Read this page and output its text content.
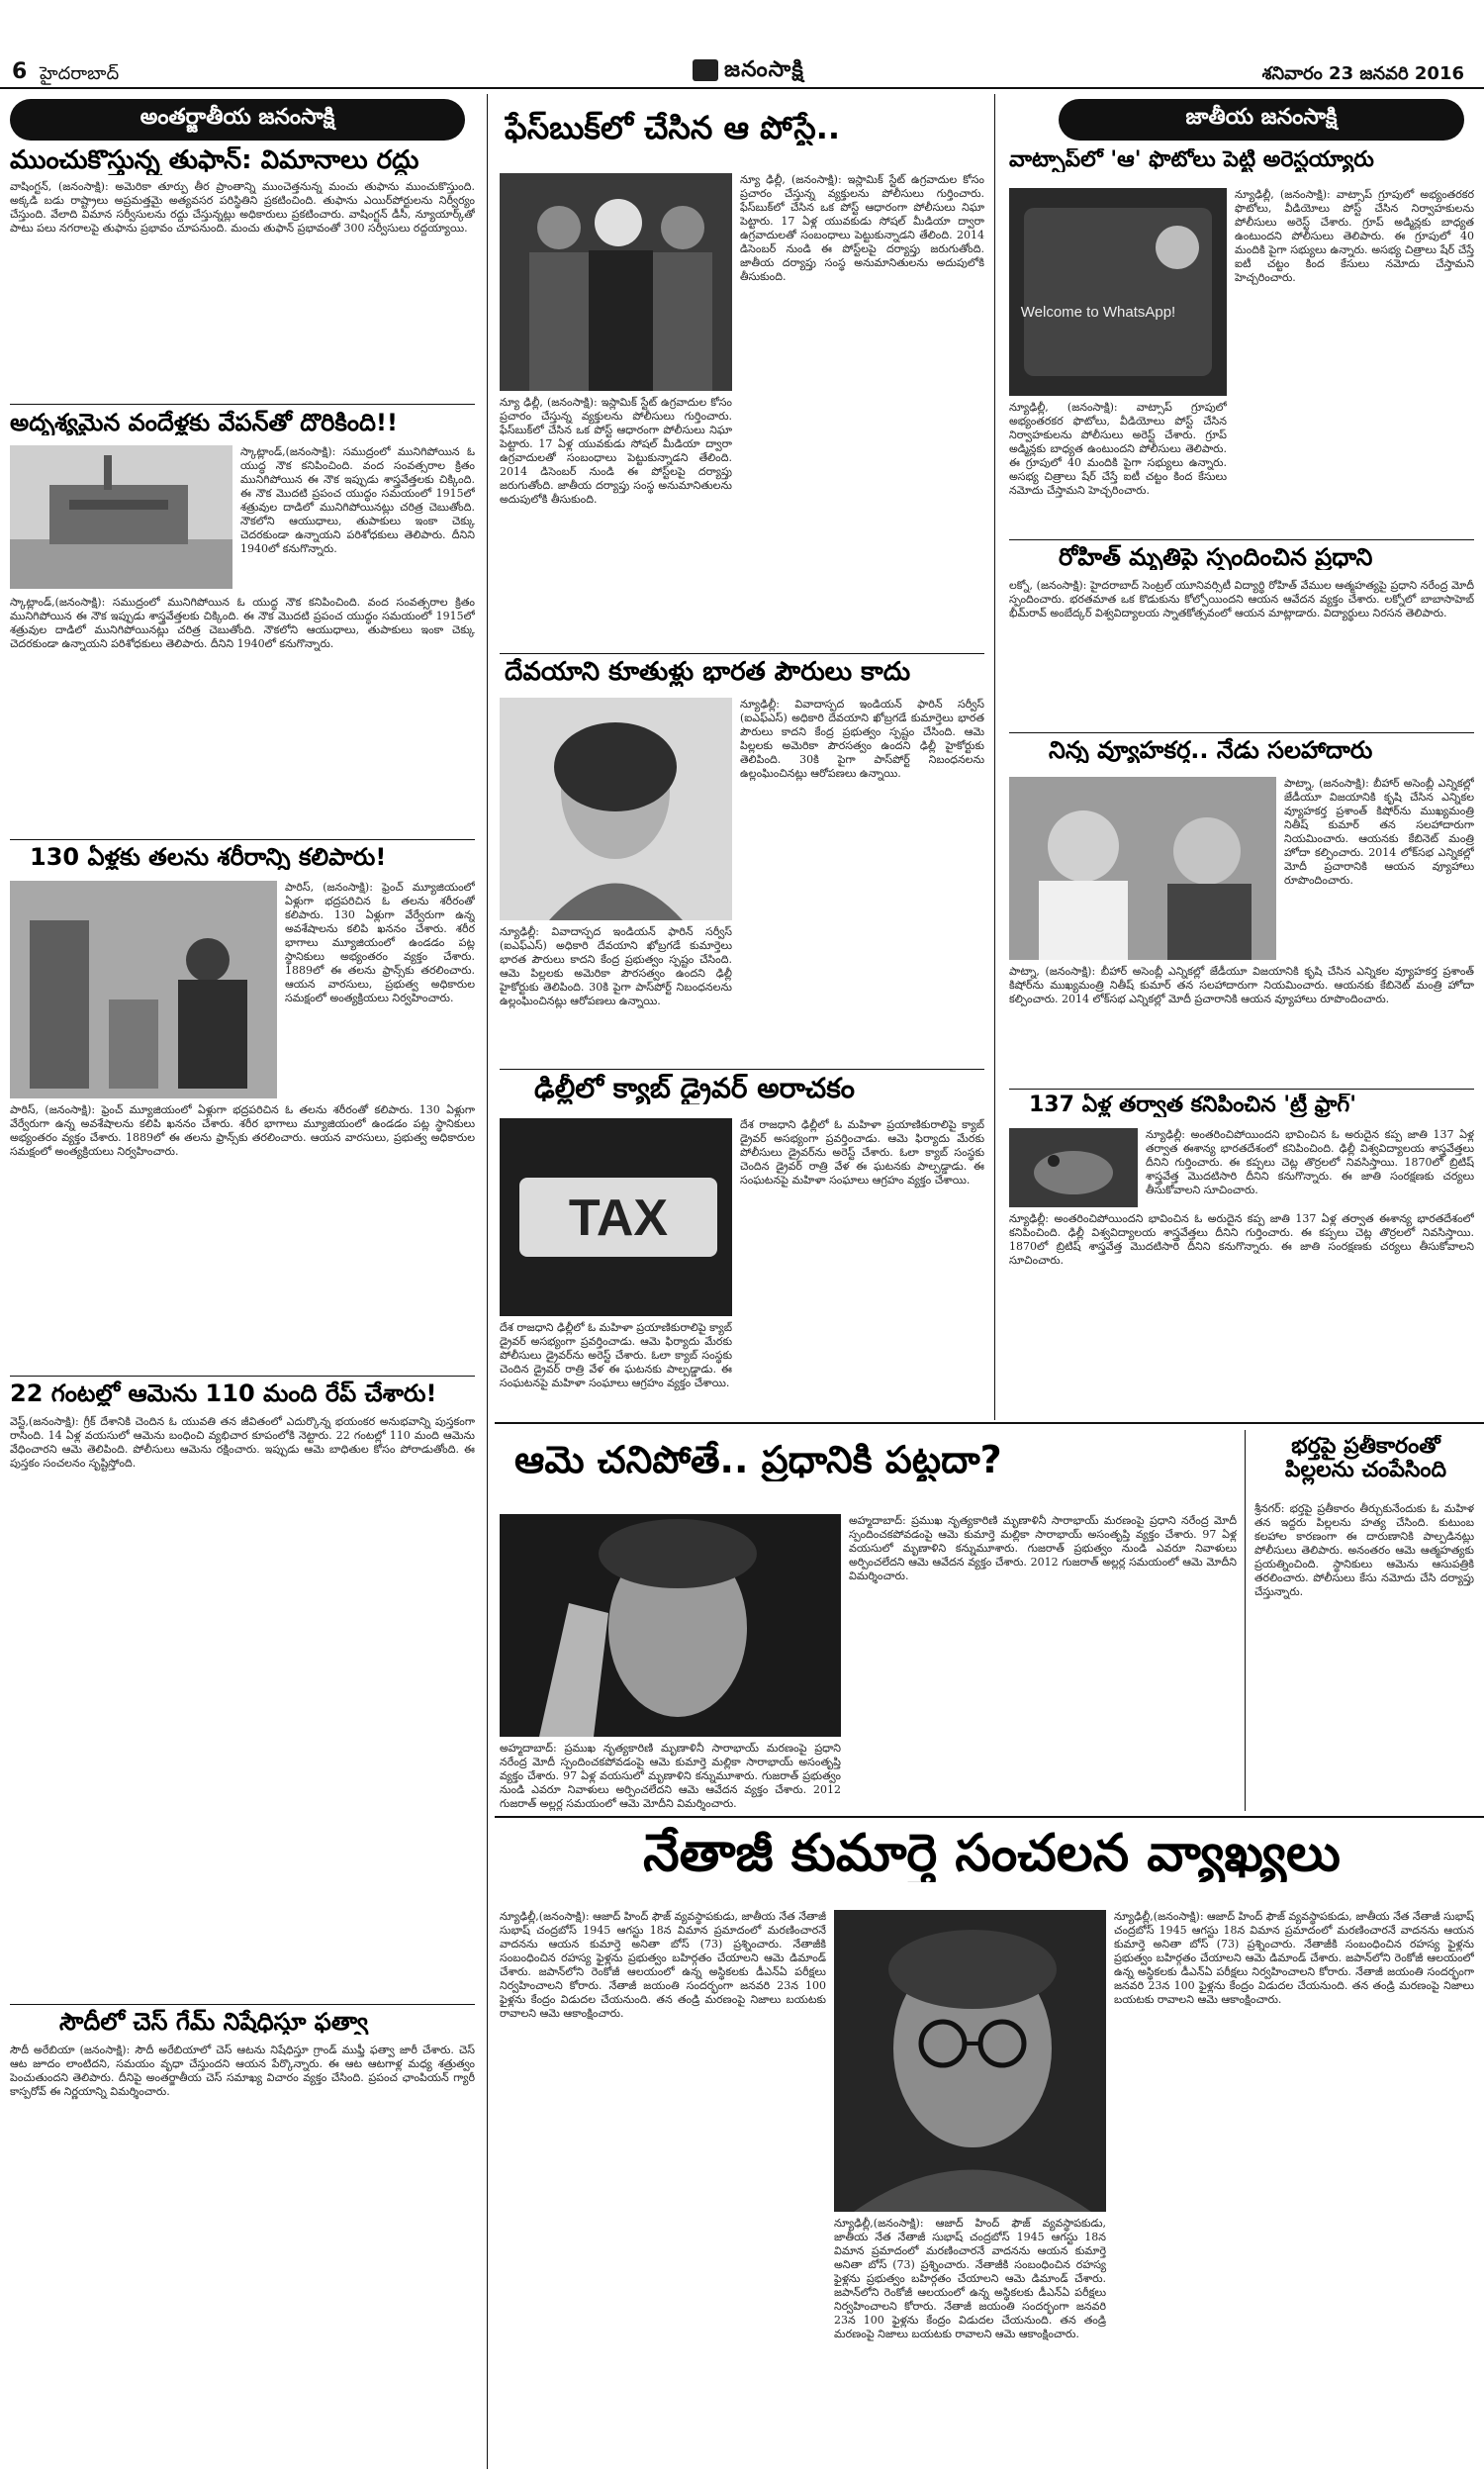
6 హైదరాబాద్	జనంసాక్షి	శనివారం 23 జనవరి 2016
అంతర్జాతీయ జనంసాక్షి
ముంచుకొస్తున్న తుఫాన్: విమానాలు రద్దు
వాషింగ్టన్, (జనంసాక్షి): అమెరికా తూర్పు తీర ప్రాంతాన్ని ముంచెత్తనున్న మంచు తుఫాను ముంచుకొస్తుంది. అక్కడి బడు రాష్ట్రాలు అప్రమత్తమై అత్యవసర పరిస్థితిని ప్రకటించింది. తుఫాను ఎయిర్‌పోర్టులను నిర్వీర్యం చేస్తుంది. వేలాది విమాన సర్వీసులను రద్దు చేస్తున్నట్లు అధికారులు ప్రకటించారు. వాషింగ్టన్ డీసీ, న్యూయార్క్‌తో పాటు పలు నగరాలపై తుఫాను ప్రభావం చూపనుంది. మంచు తుఫాన్ ప్రభావంతో 300 సర్వీసులు రద్దయ్యాయి.
అదృశ్యమైన వందేళ్లకు వేపన్‌తో దొరికింది!!
స్కాట్లాండ్,(జనంసాక్షి): సముద్రంలో మునిగిపోయిన ఓ యుద్ధ నౌక కనిపించింది. వంద సంవత్సరాల క్రితం మునిగిపోయిన ఈ నౌక ఇప్పుడు శాస్త్రవేత్తలకు చిక్కింది. ఈ నౌక మొదటి ప్రపంచ యుద్ధం సమయంలో 1915లో శత్రువుల దాడిలో మునిగిపోయినట్లు చరిత్ర చెబుతోంది. నౌకలోని ఆయుధాలు, తుపాకులు ఇంకా చెక్కు చెదరకుండా ఉన్నాయని పరిశోధకులు తెలిపారు. దీనిని 1940లో కనుగొన్నారు.
స్కాట్లాండ్,(జనంసాక్షి): సముద్రంలో మునిగిపోయిన ఓ యుద్ధ నౌక కనిపించింది. వంద సంవత్సరాల క్రితం మునిగిపోయిన ఈ నౌక ఇప్పుడు శాస్త్రవేత్తలకు చిక్కింది. ఈ నౌక మొదటి ప్రపంచ యుద్ధం సమయంలో 1915లో శత్రువుల దాడిలో మునిగిపోయినట్లు చరిత్ర చెబుతోంది. నౌకలోని ఆయుధాలు, తుపాకులు ఇంకా చెక్కు చెదరకుండా ఉన్నాయని పరిశోధకులు తెలిపారు. దీనిని 1940లో కనుగొన్నారు.
130 ఏళ్లకు తలను శరీరాన్ని కలిపారు!
పారిస్, (జనంసాక్షి): ఫ్రెంచ్ మ్యూజియంలో ఏళ్లుగా భద్రపరిచిన ఓ తలను శరీరంతో కలిపారు. 130 ఏళ్లుగా వేర్వేరుగా ఉన్న అవశేషాలను కలిపి ఖననం చేశారు. శరీర భాగాలు మ్యూజియంలో ఉండడం పట్ల స్థానికులు అభ్యంతరం వ్యక్తం చేశారు. 1889లో ఈ తలను ఫ్రాన్స్‌కు తరలించారు. ఆయన వారసులు, ప్రభుత్వ అధికారుల సమక్షంలో అంత్యక్రియలు నిర్వహించారు.
పారిస్, (జనంసాక్షి): ఫ్రెంచ్ మ్యూజియంలో ఏళ్లుగా భద్రపరిచిన ఓ తలను శరీరంతో కలిపారు. 130 ఏళ్లుగా వేర్వేరుగా ఉన్న అవశేషాలను కలిపి ఖననం చేశారు. శరీర భాగాలు మ్యూజియంలో ఉండడం పట్ల స్థానికులు అభ్యంతరం వ్యక్తం చేశారు. 1889లో ఈ తలను ఫ్రాన్స్‌కు తరలించారు. ఆయన వారసులు, ప్రభుత్వ అధికారుల సమక్షంలో అంత్యక్రియలు నిర్వహించారు.
22 గంటల్లో ఆమెను 110 మంది రేప్ చేశారు!
వెస్ట్,(జనంసాక్షి): గ్రీక్ దేశానికి చెందిన ఓ యువతి తన జీవితంలో ఎదుర్కొన్న భయంకర అనుభవాన్ని పుస్తకంగా రాసింది. 14 ఏళ్ల వయసులో ఆమెను బంధించి వ్యభిచార కూపంలోకి నెట్టారు. 22 గంటల్లో 110 మంది ఆమెను వేధించారని ఆమె తెలిపింది. పోలీసులు ఆమెను రక్షించారు. ఇప్పుడు ఆమె బాధితుల కోసం పోరాడుతోంది. ఈ పుస్తకం సంచలనం సృష్టిస్తోంది.
సౌదీలో చెస్ గేమ్ నిషేధిస్తూ ఫత్వా
సౌదీ అరేబియా (జనంసాక్షి): సౌదీ అరేబియాలో చెస్ ఆటను నిషేధిస్తూ గ్రాండ్ ముఫ్తీ ఫత్వా జారీ చేశారు. చెస్ ఆట జూదం లాంటిదని, సమయం వృధా చేస్తుందని ఆయన పేర్కొన్నారు. ఈ ఆట ఆటగాళ్ల మధ్య శత్రుత్వం పెంచుతుందని తెలిపారు. దీనిపై అంతర్జాతీయ చెస్ సమాఖ్య విచారం వ్యక్తం చేసింది. ప్రపంచ ఛాంపియన్ గ్యారీ కాస్పరోవ్ ఈ నిర్ణయాన్ని విమర్శించారు.
ఫేస్‌బుక్‌లో చేసిన ఆ పోస్టే..
న్యూ ఢిల్లీ, (జనంసాక్షి): ఇస్లామిక్ స్టేట్ ఉగ్రవాదుల కోసం ప్రచారం చేస్తున్న వ్యక్తులను పోలీసులు గుర్తించారు. ఫేస్‌బుక్‌లో చేసిన ఒక పోస్ట్ ఆధారంగా పోలీసులు నిఘా పెట్టారు. 17 ఏళ్ల యువకుడు సోషల్ మీడియా ద్వారా ఉగ్రవాదులతో సంబంధాలు పెట్టుకున్నాడని తేలింది. 2014 డిసెంబర్ నుండి ఈ పోస్ట్‌లపై దర్యాప్తు జరుగుతోంది. జాతీయ దర్యాప్తు సంస్థ అనుమానితులను అదుపులోకి తీసుకుంది.
న్యూ ఢిల్లీ, (జనంసాక్షి): ఇస్లామిక్ స్టేట్ ఉగ్రవాదుల కోసం ప్రచారం చేస్తున్న వ్యక్తులను పోలీసులు గుర్తించారు. ఫేస్‌బుక్‌లో చేసిన ఒక పోస్ట్ ఆధారంగా పోలీసులు నిఘా పెట్టారు. 17 ఏళ్ల యువకుడు సోషల్ మీడియా ద్వారా ఉగ్రవాదులతో సంబంధాలు పెట్టుకున్నాడని తేలింది. 2014 డిసెంబర్ నుండి ఈ పోస్ట్‌లపై దర్యాప్తు జరుగుతోంది. జాతీయ దర్యాప్తు సంస్థ అనుమానితులను అదుపులోకి తీసుకుంది.
దేవయాని కూతుళ్లు భారత పౌరులు కాదు
న్యూఢిల్లీ: వివాదాస్పద ఇండియన్ ఫారిన్ సర్వీస్ (ఐఎఫ్ఎస్) అధికారి దేవయాని ఖోబ్రగడే కుమార్తెలు భారత పౌరులు కాదని కేంద్ర ప్రభుత్వం స్పష్టం చేసింది. ఆమె పిల్లలకు అమెరికా పౌరసత్వం ఉందని ఢిల్లీ హైకోర్టుకు తెలిపింది. 30కి పైగా పాస్‌పోర్ట్ నిబంధనలను ఉల్లంఘించినట్లు ఆరోపణలు ఉన్నాయి.
న్యూఢిల్లీ: వివాదాస్పద ఇండియన్ ఫారిన్ సర్వీస్ (ఐఎఫ్ఎస్) అధికారి దేవయాని ఖోబ్రగడే కుమార్తెలు భారత పౌరులు కాదని కేంద్ర ప్రభుత్వం స్పష్టం చేసింది. ఆమె పిల్లలకు అమెరికా పౌరసత్వం ఉందని ఢిల్లీ హైకోర్టుకు తెలిపింది. 30కి పైగా పాస్‌పోర్ట్ నిబంధనలను ఉల్లంఘించినట్లు ఆరోపణలు ఉన్నాయి.
ఢిల్లీలో క్యాబ్ డ్రైవర్ అరాచకం
TAX
దేశ రాజధాని ఢిల్లీలో ఓ మహిళా ప్రయాణికురాలిపై క్యాబ్ డ్రైవర్ అసభ్యంగా ప్రవర్తించాడు. ఆమె ఫిర్యాదు మేరకు పోలీసులు డ్రైవర్‌ను అరెస్ట్ చేశారు. ఓలా క్యాబ్ సంస్థకు చెందిన డ్రైవర్ రాత్రి వేళ ఈ ఘటనకు పాల్పడ్డాడు. ఈ సంఘటనపై మహిళా సంఘాలు ఆగ్రహం వ్యక్తం చేశాయి.
దేశ రాజధాని ఢిల్లీలో ఓ మహిళా ప్రయాణికురాలిపై క్యాబ్ డ్రైవర్ అసభ్యంగా ప్రవర్తించాడు. ఆమె ఫిర్యాదు మేరకు పోలీసులు డ్రైవర్‌ను అరెస్ట్ చేశారు. ఓలా క్యాబ్ సంస్థకు చెందిన డ్రైవర్ రాత్రి వేళ ఈ ఘటనకు పాల్పడ్డాడు. ఈ సంఘటనపై మహిళా సంఘాలు ఆగ్రహం వ్యక్తం చేశాయి.
జాతీయ జనంసాక్షి
వాట్సాప్‌లో 'ఆ' ఫొటోలు పెట్టి అరెస్టయ్యారు
Welcome to WhatsApp!
న్యూఢిల్లీ, (జనంసాక్షి): వాట్సాప్ గ్రూపులో అభ్యంతరకర ఫొటోలు, వీడియోలు పోస్ట్ చేసిన నిర్వాహకులను పోలీసులు అరెస్ట్ చేశారు. గ్రూప్ అడ్మిన్లకు బాధ్యత ఉంటుందని పోలీసులు తెలిపారు. ఈ గ్రూపులో 40 మందికి పైగా సభ్యులు ఉన్నారు. అసభ్య చిత్రాలు షేర్ చేస్తే ఐటీ చట్టం కింద కేసులు నమోదు చేస్తామని హెచ్చరించారు.
న్యూఢిల్లీ, (జనంసాక్షి): వాట్సాప్ గ్రూపులో అభ్యంతరకర ఫొటోలు, వీడియోలు పోస్ట్ చేసిన నిర్వాహకులను పోలీసులు అరెస్ట్ చేశారు. గ్రూప్ అడ్మిన్లకు బాధ్యత ఉంటుందని పోలీసులు తెలిపారు. ఈ గ్రూపులో 40 మందికి పైగా సభ్యులు ఉన్నారు. అసభ్య చిత్రాలు షేర్ చేస్తే ఐటీ చట్టం కింద కేసులు నమోదు చేస్తామని హెచ్చరించారు.
రోహిత్ మృతిపై స్పందించిన ప్రధాని
లక్నో, (జనంసాక్షి): హైదరాబాద్ సెంట్రల్ యూనివర్సిటీ విద్యార్థి రోహిత్ వేముల ఆత్మహత్యపై ప్రధాని నరేంద్ర మోదీ స్పందించారు. భరతమాత ఒక కొడుకును కోల్పోయిందని ఆయన ఆవేదన వ్యక్తం చేశారు. లక్నోలో బాబాసాహెబ్ భీమ్‌రావ్ అంబేద్కర్ విశ్వవిద్యాలయ స్నాతకోత్సవంలో ఆయన మాట్లాడారు. విద్యార్థులు నిరసన తెలిపారు.
నిన్న వ్యూహకర్త.. నేడు సలహాదారు
పాట్నా, (జనంసాక్షి): బీహార్ అసెంబ్లీ ఎన్నికల్లో జేడీయూ విజయానికి కృషి చేసిన ఎన్నికల వ్యూహకర్త ప్రశాంత్ కిషోర్‌ను ముఖ్యమంత్రి నితీష్ కుమార్ తన సలహాదారుగా నియమించారు. ఆయనకు కేబినెట్ మంత్రి హోదా కల్పించారు. 2014 లోక్‌సభ ఎన్నికల్లో మోదీ ప్రచారానికి ఆయన వ్యూహాలు రూపొందించారు.
పాట్నా, (జనంసాక్షి): బీహార్ అసెంబ్లీ ఎన్నికల్లో జేడీయూ విజయానికి కృషి చేసిన ఎన్నికల వ్యూహకర్త ప్రశాంత్ కిషోర్‌ను ముఖ్యమంత్రి నితీష్ కుమార్ తన సలహాదారుగా నియమించారు. ఆయనకు కేబినెట్ మంత్రి హోదా కల్పించారు. 2014 లోక్‌సభ ఎన్నికల్లో మోదీ ప్రచారానికి ఆయన వ్యూహాలు రూపొందించారు.
137 ఏళ్ల తర్వాత కనిపించిన 'ట్రీ ఫ్రాగ్'
న్యూఢిల్లీ: అంతరించిపోయిందని భావించిన ఓ అరుదైన కప్ప జాతి 137 ఏళ్ల తర్వాత ఈశాన్య భారతదేశంలో కనిపించింది. ఢిల్లీ విశ్వవిద్యాలయ శాస్త్రవేత్తలు దీనిని గుర్తించారు. ఈ కప్పలు చెట్ల తొర్రలలో నివసిస్తాయి. 1870లో బ్రిటిష్ శాస్త్రవేత్త మొదటిసారి దీనిని కనుగొన్నారు. ఈ జాతి సంరక్షణకు చర్యలు తీసుకోవాలని సూచించారు.
న్యూఢిల్లీ: అంతరించిపోయిందని భావించిన ఓ అరుదైన కప్ప జాతి 137 ఏళ్ల తర్వాత ఈశాన్య భారతదేశంలో కనిపించింది. ఢిల్లీ విశ్వవిద్యాలయ శాస్త్రవేత్తలు దీనిని గుర్తించారు. ఈ కప్పలు చెట్ల తొర్రలలో నివసిస్తాయి. 1870లో బ్రిటిష్ శాస్త్రవేత్త మొదటిసారి దీనిని కనుగొన్నారు. ఈ జాతి సంరక్షణకు చర్యలు తీసుకోవాలని సూచించారు.
ఆమె చనిపోతే.. ప్రధానికి పట్టదా?
అహ్మదాబాద్: ప్రముఖ నృత్యకారిణి మృణాళినీ సారాభాయ్ మరణంపై ప్రధాని నరేంద్ర మోదీ స్పందించకపోవడంపై ఆమె కుమార్తె మల్లికా సారాభాయ్ అసంతృప్తి వ్యక్తం చేశారు. 97 ఏళ్ల వయసులో మృణాళిని కన్నుమూశారు. గుజరాత్ ప్రభుత్వం నుండి ఎవరూ నివాళులు అర్పించలేదని ఆమె ఆవేదన వ్యక్తం చేశారు. 2012 గుజరాత్ అల్లర్ల సమయంలో ఆమె మోదీని విమర్శించారు.
అహ్మదాబాద్: ప్రముఖ నృత్యకారిణి మృణాళినీ సారాభాయ్ మరణంపై ప్రధాని నరేంద్ర మోదీ స్పందించకపోవడంపై ఆమె కుమార్తె మల్లికా సారాభాయ్ అసంతృప్తి వ్యక్తం చేశారు. 97 ఏళ్ల వయసులో మృణాళిని కన్నుమూశారు. గుజరాత్ ప్రభుత్వం నుండి ఎవరూ నివాళులు అర్పించలేదని ఆమె ఆవేదన వ్యక్తం చేశారు. 2012 గుజరాత్ అల్లర్ల సమయంలో ఆమె మోదీని విమర్శించారు.
భర్తపై ప్రతీకారంతో పిల్లలను చంపేసింది
శ్రీనగర్: భర్తపై ప్రతీకారం తీర్చుకునేందుకు ఓ మహిళ తన ఇద్దరు పిల్లలను హత్య చేసింది. కుటుంబ కలహాల కారణంగా ఈ దారుణానికి పాల్పడినట్లు పోలీసులు తెలిపారు. అనంతరం ఆమె ఆత్మహత్యకు ప్రయత్నించింది. స్థానికులు ఆమెను ఆసుపత్రికి తరలించారు. పోలీసులు కేసు నమోదు చేసి దర్యాప్తు చేస్తున్నారు.
నేతాజీ కుమార్తె సంచలన వ్యాఖ్యలు
న్యూఢిల్లీ,(జనంసాక్షి): ఆజాద్ హింద్ ఫౌజ్ వ్యవస్థాపకుడు, జాతీయ నేత నేతాజీ సుభాష్ చంద్రబోస్ 1945 ఆగస్టు 18న విమాన ప్రమాదంలో మరణించారనే వాదనను ఆయన కుమార్తె అనితా బోస్ (73) ప్రశ్నించారు. నేతాజీకి సంబంధించిన రహస్య ఫైళ్లను ప్రభుత్వం బహిర్గతం చేయాలని ఆమె డిమాండ్ చేశారు. జపాన్‌లోని రెంకోజీ ఆలయంలో ఉన్న అస్థికలకు డీఎన్ఏ పరీక్షలు నిర్వహించాలని కోరారు. నేతాజీ జయంతి సందర్భంగా జనవరి 23న 100 ఫైళ్లను కేంద్రం విడుదల చేయనుంది. తన తండ్రి మరణంపై నిజాలు బయటకు రావాలని ఆమె ఆకాంక్షించారు.
న్యూఢిల్లీ,(జనంసాక్షి): ఆజాద్ హింద్ ఫౌజ్ వ్యవస్థాపకుడు, జాతీయ నేత నేతాజీ సుభాష్ చంద్రబోస్ 1945 ఆగస్టు 18న విమాన ప్రమాదంలో మరణించారనే వాదనను ఆయన కుమార్తె అనితా బోస్ (73) ప్రశ్నించారు. నేతాజీకి సంబంధించిన రహస్య ఫైళ్లను ప్రభుత్వం బహిర్గతం చేయాలని ఆమె డిమాండ్ చేశారు. జపాన్‌లోని రెంకోజీ ఆలయంలో ఉన్న అస్థికలకు డీఎన్ఏ పరీక్షలు నిర్వహించాలని కోరారు. నేతాజీ జయంతి సందర్భంగా జనవరి 23న 100 ఫైళ్లను కేంద్రం విడుదల చేయనుంది. తన తండ్రి మరణంపై నిజాలు బయటకు రావాలని ఆమె ఆకాంక్షించారు.
న్యూఢిల్లీ,(జనంసాక్షి): ఆజాద్ హింద్ ఫౌజ్ వ్యవస్థాపకుడు, జాతీయ నేత నేతాజీ సుభాష్ చంద్రబోస్ 1945 ఆగస్టు 18న విమాన ప్రమాదంలో మరణించారనే వాదనను ఆయన కుమార్తె అనితా బోస్ (73) ప్రశ్నించారు. నేతాజీకి సంబంధించిన రహస్య ఫైళ్లను ప్రభుత్వం బహిర్గతం చేయాలని ఆమె డిమాండ్ చేశారు. జపాన్‌లోని రెంకోజీ ఆలయంలో ఉన్న అస్థికలకు డీఎన్ఏ పరీక్షలు నిర్వహించాలని కోరారు. నేతాజీ జయంతి సందర్భంగా జనవరి 23న 100 ఫైళ్లను కేంద్రం విడుదల చేయనుంది. తన తండ్రి మరణంపై నిజాలు బయటకు రావాలని ఆమె ఆకాంక్షించారు.
